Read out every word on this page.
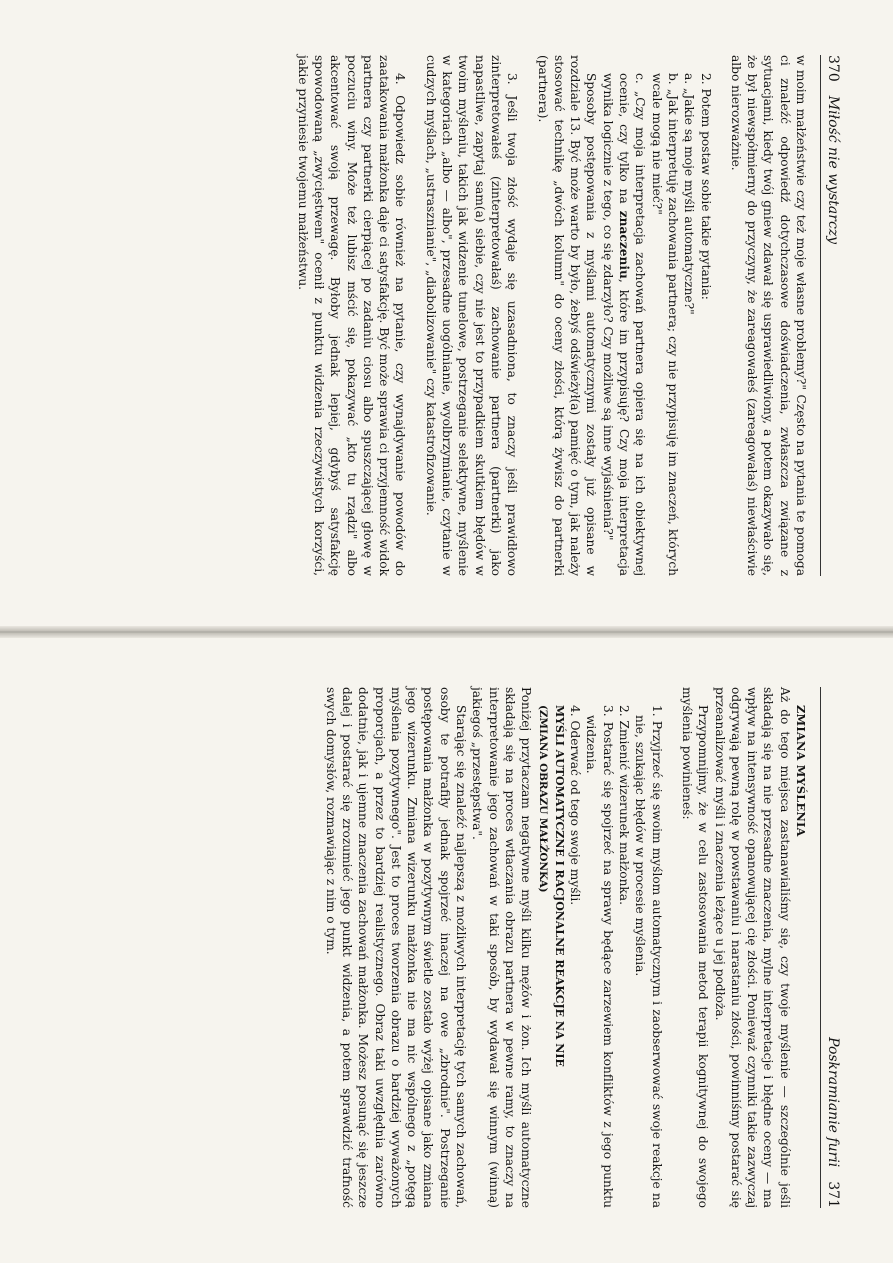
370
Miłość nie wystarczy

w moim małżeństwie czy też moje własne problemy?" Często na pytania te pomoga ci znaleźć odpowiedź dotychczasowe doświadczenia, zwłaszcza związane z sytuacjami, kiedy twój gniew zdawał się usprawiedliwiony, a potem okazywało się, że był niewspółmierny do przyczyny, że zareagowałeś (zareagowałaś) niewłaściwie albo nierozważnie.

2. Potem postaw sobie takie pytania:

a. „Jakie są moje myśli automatyczne?"

b. „Jak interpretuję zachowania partnera; czy nie przypisuję im znaczeń, których wcale mogą nie mieć?"

c. „Czy moja interpretacja zachowań partnera opiera się na ich obiektywnej ocenie, czy tylko na znaczeniu, które im przypisuję? Czy moja interpretacja wynika logicznie z tego, co się zdarzyło? Czy możliwe są inne wyjaśnienia?"

Sposoby postępowania z myślami automatycznymi zostały już opisane w rozdziale 13. Być może warto by było, żebyś odświeżył(a) pamięć o tym, jak należy stosować technikę „dwóch kolumn" do oceny złości, którą żywisz do partnerki (partnera).

3. Jeśli twoja złość wydaje się uzasadniona, to znaczy jeśli prawidłowo zinterpretowałeś (zinterpretowałaś) zachowanie partnera (partnerki) jako napastliwe, zapytaj sam(a) siebie, czy nie jest to przypadkiem skutkiem błędów w twoim myśleniu, takich jak widzenie tunelowe, postrzeganie selektywne, myślenie w kategoriach „albo — albo", przesadne uogólnianie, wyolbrzymianie, czytanie w cudzych myślach, „ustrasznianie", „diabolizowanie" czy katastrofizowanie.

4. Odpowiedz sobie również na pytanie, czy wynajdywanie powodów do zaatakowania małżonka daje ci satysfakcję. Być może sprawia ci przyjemność widok partnera czy partnerki cierpiącej po zadaniu ciosu albo spuszczającej głowę w poczuciu winy. Może też lubisz mścić się, pokazywać „kto tu rządzi" albo akcentować swoją przewagę. Byłoby jednak lepiej, gdybyś satysfakcję spowodowaną „zwycięstwem" ocenił z punktu widzenia rzeczywistych korzyści, jakie przyniesie twojemu małżeństwu.

Poskramianie furii
371

ZMIANA MYŚLENIA

Aż do tego miejsca zastanawialiśmy się, czy twoje myślenie — szczególnie jeśli składają się na nie przesadne znaczenia, mylne interpretacje i błędne oceny — ma wpływ na intensywność opanowującej cię złości. Ponieważ czynniki takie zazwyczaj odgrywają pewną rolę w powstawaniu i narastaniu złości, powinniśmy postarać się przeanalizować myśli i znaczenia leżące u jej podłoża.

Przypomnijmy, że w celu zastosowania metod terapii kognitywnej do swojego myślenia powinieneś:

1. Przyjrzeć się swoim myślom automatycznym i zaobserwować swoje reakcje na nie, szukając błędów w procesie myślenia.

2. Zmienić wizerunek małżonka.

3. Postarać się spojrzeć na sprawy będące zarzewiem konfliktów z jego punktu widzenia.

4. Oderwać od tego swoje myśli.

MYŚLI AUTOMATYCZNE I RACJONALNE REAKCJE NA NIE

(ZMIANA OBRAZU MAŁŻONKA)

Poniżej przytaczam negatywne myśli kilku mężów i żon. Ich myśli automatyczne składają się na proces wtłaczania obrazu partnera w pewne ramy, to znaczy na interpretowanie jego zachowań w taki sposób, by wydawał się winnym (winną) jakiegoś „przestępstwa".

Starając się znaleźć najlepszą z możliwych interpretację tych samych zachowań, osoby te potrafiły jednak spojrzeć inaczej na owe „zbrodnie". Postrzeganie postępowania małżonka w pozytywnym świetle zostało wyżej opisane jako zmiana jego wizerunku. Zmiana wizerunku małżonka nie ma nic wspólnego z „potęgą myślenia pozytywnego". Jest to proces tworzenia obrazu o bardziej wyważonych proporcjach, a przez to bardziej realistycznego. Obraz taki uwzględnia zarówno dodatnie, jak i ujemne znaczenia zachowań małżonka. Możesz posunąć się jeszcze dalej i postarać się zrozumieć jego punkt widzenia, a potem sprawdzić trafność swych domysłów, rozmawiając z nim o tym.
